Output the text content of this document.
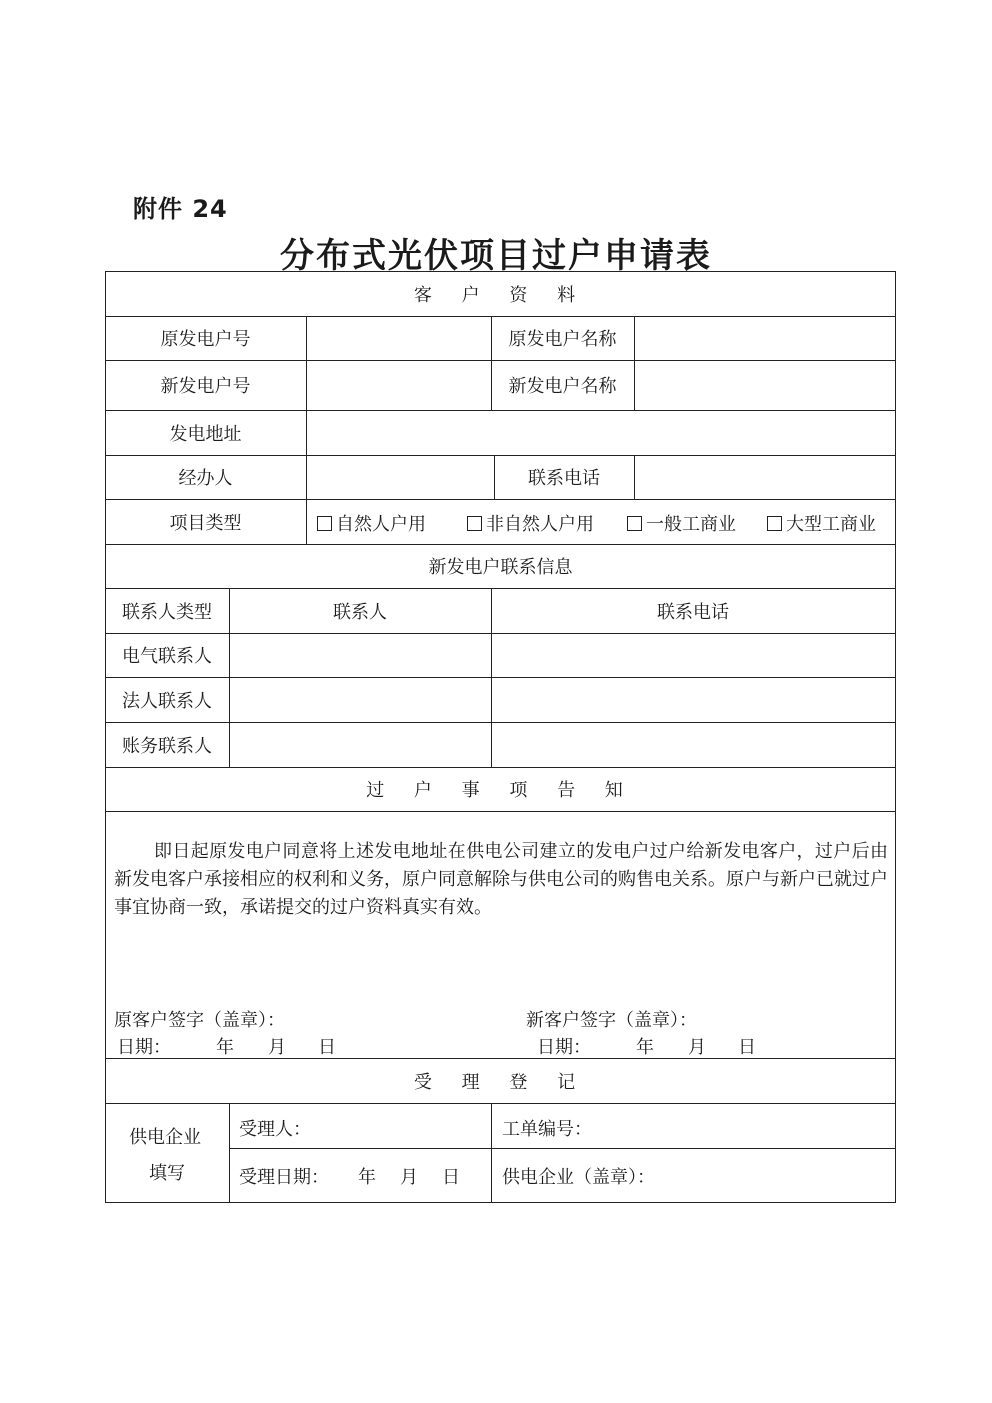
附件 24
分布式光伏项目过户申请表
客 户 资 料
原发电户号	原发电户名称
新发电户号	新发电户名称
发电地址
经办人	联系电话
项目类型	自然人户用	非自然人户用	一般工商业	大型工商业
新发电户联系信息
联系人类型	联系人	联系电话
电气联系人
法人联系人
账务联系人
过 户 事 项 告 知
即日起原发电户同意将上述发电地址在供电公司建立的发电户过户给新发电客户，过户后由新发电客户承接相应的权利和义务，原户同意解除与供电公司的购售电关系。原户与新户已就过户事宜协商一致，承诺提交的过户资料真实有效。
原客户签字（盖章）：	新客户签字（盖章）：
日期：	年 月 日	日期：	年 月 日
受 理 登 记
供电企业
填写
受理人：	工单编号：
受理日期： 年 月 日 供电企业（盖章）：
